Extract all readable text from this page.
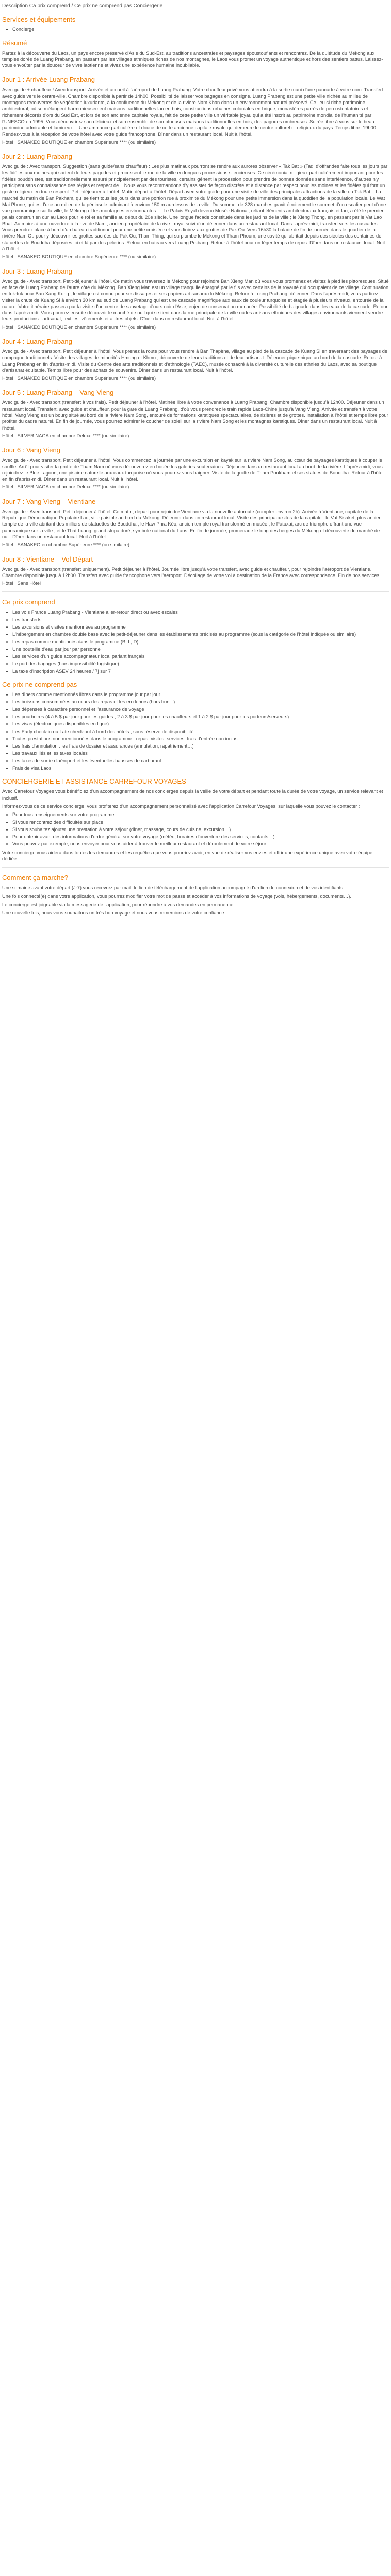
Description Ca prix comprend / Ce prix ne comprend pas Conciergerie
Services et équipements
• Concierge
Résumé

Partez à la découverte du Laos, un pays encore préservé d'Asie du Sud-Est, au traditions ancestrales et paysages époustouflants et rencontrez. De la quiétude du Mékong aux temples dorés de Luang Prabang, en passant par les villages ethniques riches de nos montagnes, le Laos vous promet un voyage authentique et hors des sentiers battus. Laissez-vous envoûter par la douceur de vivre laotienne et vivez une expérience humaine inoubliable.

Jour 1 : Arrivée Luang Prabang

Avec guide + chauffeur ! Avec transport. Arrivée et accueil à l'aéroport de Luang Prabang. Votre chauffeur privé vous attendra à la sortie muni d'une pancarte à votre nom. Transfert avec guide vers le centre-ville. Chambre disponible à partir de 14h00. Possibilité de laisser vos bagages en consigne. Luang Prabang est une petite ville nichée au milieu de montagnes recouvertes de végétation luxuriante, à la confluence du Mékong et de la rivière Nam Khan dans un environnement naturel préservé. Ce lieu si riche patrimoine architectural, où se mélangent harmonieusement maisons traditionnelles lao en bois, constructions urbaines coloniales en brique, monastères parrés de peu ostentatoires et richement décorés d'ors du Sud Est, et lors de son ancienne capitale royale, fait de cette petite ville un véritable joyau qui a été inscrit au patrimoine mondial de l'humanité par l'UNESCO en 1995. Vous découvrirez son délicieux et son ensemble de somptueuses maisons traditionnelles en bois, des pagodes ombreuses. Soirée libre à vous sur le beau patrimoine admirable et lumineux… Une ambiance particulière et douce de cette ancienne capitale royale qui demeure le centre culturel et religieux du pays. Temps libre. 19h00 : Rendez-vous à la réception de votre hôtel avec votre guide francophone. Dîner dans un restaurant local. Nuit à l'hôtel.

Hôtel : SANAKEO BOUTIQUE en chambre Supérieure **** (ou similaire)

Jour 2 : Luang Prabang

Avec guide : Avec transport. Suggestion (sans guide/sans chauffeur) : Les plus matinaux pourront se rendre aux aurores observer « Tak Bat » (Tadi d'offrandes faite tous les jours par les fidèles aux moines qui sortent de leurs pagodes et processent le rue de la ville en longues processions silencieuses. Ce cérémonial religieux particulièrement important pour les fidèles bouddhistes, est traditionnellement assuré principalement par des touristes, certains gênent la procession pour prendre de bonnes données sans interférence, d'autres n'y participent sans connaissance des règles et respect de... Nous vous recommandons d'y assister de façon discrète et à distance par respect pour les moines et les fidèles qui font un geste religieux en toute respect. Petit-déjeuner à l'hôtel. Matin départ à l'hôtel. Départ avec votre guide pour une visite de ville des principales attractions de la ville ou Tak Bat... La marché du matin de Ban Pakham, qui se tient tous les jours dans une portion rue à proximité du Mékong pour une petite immersion dans la quotidien de la population locale. Le Wat Mai Phone, qui est l'une au milieu de la péninsule culminant à environ 150 m au-dessus de la ville. Du sommet de 328 marches gravit étroitement le sommet d'un escalier peut d'une vue panoramique sur la ville, le Mékong et les montagnes environnantes … Le Palais Royal devenu Musée National, reliant éléments architecturaux français et lao, a été le premier palais construit en dur au Laos pour le roi et sa famille au début du 20e siècle. Une longue facade constituée dans les jardins de la ville ; le Xieng Thong, en passant par le Vat Lao Bhat. Au moins à une ouverture à la rive de Nam ; ancien propriétaire de la rive ; royal suivi d'un déjeuner dans un restaurant local. Dans l'après-midi, transfert vers les cascades. Vous prendrez place à bord d'un bateau traditionnel pour une petite croisière et vous finirez aux grottes de Pak Ou. Vers 16h30 la balade de fin de journée dans le quartier de la rivière Nam Ou pour y découvrir les grottes sacrées de Pak Ou, Tham Thing, qui surplombe le Mékong et Tham Phoum, une cavité qui abritait depuis des siècles des centaines de statuettes de Bouddha déposées ici et là par des pèlerins. Retour en bateau vers Luang Prabang. Retour à l'hôtel pour un léger temps de repos. Dîner dans un restaurant local. Nuit à l'hôtel.

Hôtel : SANAKEO BOUTIQUE en chambre Supérieure **** (ou similaire)

Jour 3 : Luang Prabang

Avec guide - Avec transport. Petit-déjeuner à l'hôtel. Ce matin vous traversez le Mékong pour rejoindre Ban Xieng Man où vous vous promenez et visitez à pied les pittoresques. Situé en face de Luang Prabang de l'autre côté du Mékong, Ban Xieng Man est un village tranquille épargné par le fils avec certains de la royauté qui occupaient de ce village. Continuation en tuk-tuk pour Ban Xang Kong ; le village est connu pour ses tissages et ses papiers artisanaux du Mékong. Retour à Luang Prabang, déjeuner. Dans l'après-midi, vous partirez visiter la chute de Kuang Si à environ 30 km au sud de Luang Prabang qui est une cascade magnifique aux eaux de couleur turquoise et étagée à plusieurs niveaux, entourée de la nature. Votre itinéraire passera par la visite d'un centre de sauvetage d'ours noir d'Asie, enjeu de conservation menacée. Possibilité de baignade dans les eaux de la cascade. Retour dans l'après-midi. Vous pourrez ensuite découvrir le marché de nuit qui se tient dans la rue principale de la ville où les artisans ethniques des villages environnants viennent vendre leurs productions : artisanat, textiles, vêtements et autres objets. Dîner dans un restaurant local. Nuit à l'hôtel.

Hôtel : SANAKEO BOUTIQUE en chambre Supérieure **** (ou similaire)

Jour 4 : Luang Prabang

Avec guide - Avec transport. Petit déjeuner à l'hôtel. Vous prenez la route pour vous rendre à Ban Thapène, village au pied de la cascade de Kuang Si en traversant des paysages de campagne traditionnels. Visite des villages de minorités Hmong et Khmu ; découverte de leurs traditions et de leur artisanat. Déjeuner pique-nique au bord de la cascade. Retour à Luang Prabang en fin d'après-midi. Visite du Centre des arts traditionnels et d'ethnologie (TAEC), musée consacré à la diversité culturelle des ethnies du Laos, avec sa boutique d'artisanat équitable. Temps libre pour des achats de souvenirs. Dîner dans un restaurant local. Nuit à l'hôtel.

Hôtel : SANAKEO BOUTIQUE en chambre Supérieure **** (ou similaire)

Jour 5 : Luang Prabang – Vang Vieng

Avec guide - Avec transport (transfert à vos frais). Petit déjeuner à l'hôtel. Matinée libre à votre convenance à Luang Prabang. Chambre disponible jusqu'à 12h00. Déjeuner dans un restaurant local. Transfert, avec guide et chauffeur, pour la gare de Luang Prabang, d'où vous prendrez le train rapide Laos-Chine jusqu'à Vang Vieng. Arrivée et transfert à votre hôtel. Vang Vieng est un bourg situé au bord de la rivière Nam Song, entouré de formations karstiques spectaculaires, de rizières et de grottes. Installation à l'hôtel et temps libre pour profiter du cadre naturel. En fin de journée, vous pourrez admirer le coucher de soleil sur la rivière Nam Song et les montagnes karstiques. Dîner dans un restaurant local. Nuit à l'hôtel.

Hôtel : SILVER NAGA en chambre Deluxe **** (ou similaire)

Jour 6 : Vang Vieng

Avec guide - Avec transport. Petit déjeuner à l'hôtel. Vous commencez la journée par une excursion en kayak sur la rivière Nam Song, au cœur de paysages karstiques à couper le souffle. Arrêt pour visiter la grotte de Tham Nam où vous découvrirez en bouée les galeries souterraines. Déjeuner dans un restaurant local au bord de la rivière. L'après-midi, vous rejoindrez le Blue Lagoon, une piscine naturelle aux eaux turquoise où vous pourrez vous baigner. Visite de la grotte de Tham Poukham et ses statues de Bouddha. Retour à l'hôtel en fin d'après-midi. Dîner dans un restaurant local. Nuit à l'hôtel.

Hôtel : SILVER NAGA en chambre Deluxe **** (ou similaire)

Jour 7 : Vang Vieng – Vientiane

Avec guide - Avec transport. Petit déjeuner à l'hôtel. Ce matin, départ pour rejoindre Vientiane via la nouvelle autoroute (compter environ 2h). Arrivée à Vientiane, capitale de la République Démocratique Populaire Lao, ville paisible au bord du Mékong. Déjeuner dans un restaurant local. Visite des principaux sites de la capitale : le Vat Sisaket, plus ancien temple de la ville abritant des milliers de statuettes de Bouddha ; le Haw Phra Kéo, ancien temple royal transformé en musée ; le Patuxai, arc de triomphe offrant une vue panoramique sur la ville ; et le That Luang, grand stupa doré, symbole national du Laos. En fin de journée, promenade le long des berges du Mékong et découverte du marché de nuit. Dîner dans un restaurant local. Nuit à l'hôtel.

Hôtel : SANAKEO en chambre Supérieure **** (ou similaire)

Jour 8 : Vientiane – Vol Départ

Avec guide - Avec transport (transfert uniquement). Petit déjeuner à l'hôtel. Journée libre jusqu'à votre transfert, avec guide et chauffeur, pour rejoindre l'aéroport de Vientiane. Chambre disponible jusqu'à 12h00. Transfert avec guide francophone vers l'aéroport. Décollage de votre vol à destination de la France avec correspondance. Fin de nos services.

Hôtel : Sans Hôtel

Ce prix comprend
• Les vols France Luang Prabang - Vientiane aller-retour direct ou avec escales
• Les transferts
• Les excursions et visites mentionnées au programme
• L'hébergement en chambre double base avec le petit-déjeuner dans les établissements précisés au programme (sous la catégorie de l'hôtel indiquée ou similaire)
• Les repas comme mentionnés dans le programme (B, L, D)
• Une bouteille d'eau par jour par personne
• Les services d'un guide accompagnateur local parlant français
• Le port des bagages (hors impossibilité logistique)
• La taxe d'inscription ASEV 24 heures / 7j sur 7
Ce prix ne comprend pas
• Les dîners comme mentionnés libres dans le programme jour par jour
• Les boissons consommées au cours des repas et les en dehors (hors bon...)
• Les dépenses à caractère personnel et l'assurance de voyage
• Les pourboires (4 à 5 $ par jour pour les guides ; 2 à 3 $ par jour pour les chauffeurs et 1 à 2 $ par jour pour les porteurs/serveurs)
• Les visas (électroniques disponibles en ligne)
• Les Early check-in ou Late check-out à bord des hôtels ; sous réserve de disponibilité
• Toutes prestations non mentionnées dans le programme : repas, visites, services, frais d'entrée non inclus
• Les frais d'annulation : les frais de dossier et assurances (annulation, rapatriement…)
• Les travaux liés et les taxes locales
• Les taxes de sortie d'aéroport et les éventuelles hausses de carburant
• Frais de visa Laos
CONCIERGERIE ET ASSISTANCE CARREFOUR VOYAGES

Avec Carrefour Voyages vous bénéficiez d'un accompagnement de nos concierges depuis la veille de votre départ et pendant toute la durée de votre voyage, un service relevant et inclusif.

Informez-vous de ce service concierge, vous profiterez d'un accompagnement personnalisé avec l'application Carrefour Voyages, sur laquelle vous pouvez le contacter :

• Pour tous renseignements sur votre programme
• Si vous rencontrez des difficultés sur place
• Si vous souhaitez ajouter une prestation à votre séjour (dîner, massage, cours de cuisine, excursion…)
• Pour obtenir avant des informations d'ordre général sur votre voyage (météo, horaires d'ouverture des services, contacts…)
• Vous pouvez par exemple, nous envoyer pour vous aider à trouver le meilleur restaurant et déroulement de votre séjour.

Votre concierge vous aidera dans toutes les demandes et les requêtes que vous pourriez avoir, en vue de réaliser vos envies et offrir une expérience unique avec votre équipe dédiée.

Comment ça marche?

Une semaine avant votre départ (J-7) vous recevrez par mail, le lien de téléchargement de l'application accompagné d'un lien de connexion et de vos identifiants.

Une fois connecté(e) dans votre application, vous pourrez modifier votre mot de passe et accéder à vos informations de voyage (vols, hébergements, documents…).

Le concierge est joignable via la messagerie de l'application, pour répondre à vos demandes en permanence.

Une nouvelle fois, nous vous souhaitons un très bon voyage et nous vous remercions de votre confiance.
